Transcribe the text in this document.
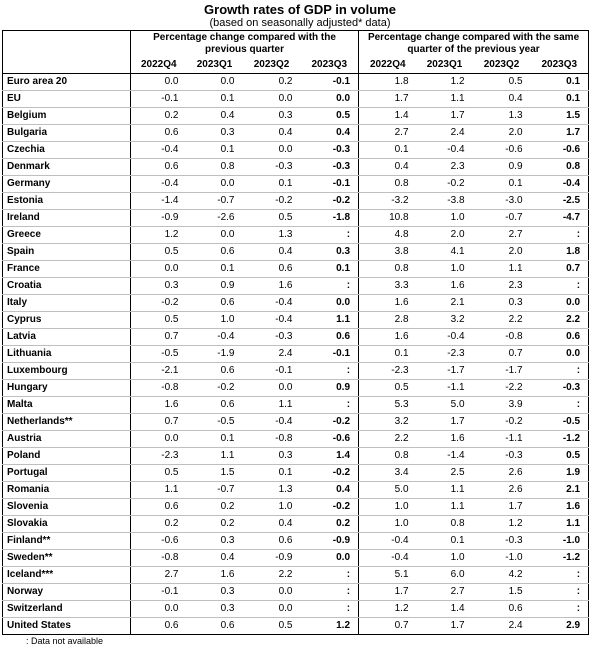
Growth rates of GDP in volume
(based on seasonally adjusted* data)
	Percentage change compared with the previous quarter				Percentage change compared with the same quarter of the previous year			
	2022Q4	2023Q1	2023Q2	2023Q3	2022Q4	2023Q1	2023Q2	2023Q3
Euro area 20	0.0	0.0	0.2	-0.1	1.8	1.2	0.5	0.1
EU	-0.1	0.1	0.0	0.0	1.7	1.1	0.4	0.1
Belgium	0.2	0.4	0.3	0.5	1.4	1.7	1.3	1.5
Bulgaria	0.6	0.3	0.4	0.4	2.7	2.4	2.0	1.7
Czechia	-0.4	0.1	0.0	-0.3	0.1	-0.4	-0.6	-0.6
Denmark	0.6	0.8	-0.3	-0.3	0.4	2.3	0.9	0.8
Germany	-0.4	0.0	0.1	-0.1	0.8	-0.2	0.1	-0.4
Estonia	-1.4	-0.7	-0.2	-0.2	-3.2	-3.8	-3.0	-2.5
Ireland	-0.9	-2.6	0.5	-1.8	10.8	1.0	-0.7	-4.7
Greece	1.2	0.0	1.3	:	4.8	2.0	2.7	:
Spain	0.5	0.6	0.4	0.3	3.8	4.1	2.0	1.8
France	0.0	0.1	0.6	0.1	0.8	1.0	1.1	0.7
Croatia	0.3	0.9	1.6	:	3.3	1.6	2.3	:
Italy	-0.2	0.6	-0.4	0.0	1.6	2.1	0.3	0.0
Cyprus	0.5	1.0	-0.4	1.1	2.8	3.2	2.2	2.2
Latvia	0.7	-0.4	-0.3	0.6	1.6	-0.4	-0.8	0.6
Lithuania	-0.5	-1.9	2.4	-0.1	0.1	-2.3	0.7	0.0
Luxembourg	-2.1	0.6	-0.1	:	-2.3	-1.7	-1.7	:
Hungary	-0.8	-0.2	0.0	0.9	0.5	-1.1	-2.2	-0.3
Malta	1.6	0.6	1.1	:	5.3	5.0	3.9	:
Netherlands**	0.7	-0.5	-0.4	-0.2	3.2	1.7	-0.2	-0.5
Austria	0.0	0.1	-0.8	-0.6	2.2	1.6	-1.1	-1.2
Poland	-2.3	1.1	0.3	1.4	0.8	-1.4	-0.3	0.5
Portugal	0.5	1.5	0.1	-0.2	3.4	2.5	2.6	1.9
Romania	1.1	-0.7	1.3	0.4	5.0	1.1	2.6	2.1
Slovenia	0.6	0.2	1.0	-0.2	1.0	1.1	1.7	1.6
Slovakia	0.2	0.2	0.4	0.2	1.0	0.8	1.2	1.1
Finland**	-0.6	0.3	0.6	-0.9	-0.4	0.1	-0.3	-1.0
Sweden**	-0.8	0.4	-0.9	0.0	-0.4	1.0	-1.0	-1.2
Iceland***	2.7	1.6	2.2	:	5.1	6.0	4.2	:
Norway	-0.1	0.3	0.0	:	1.7	2.7	1.5	:
Switzerland	0.0	0.3	0.0	:	1.2	1.4	0.6	:
United States	0.6	0.6	0.5	1.2	0.7	1.7	2.4	2.9
: Data not available
